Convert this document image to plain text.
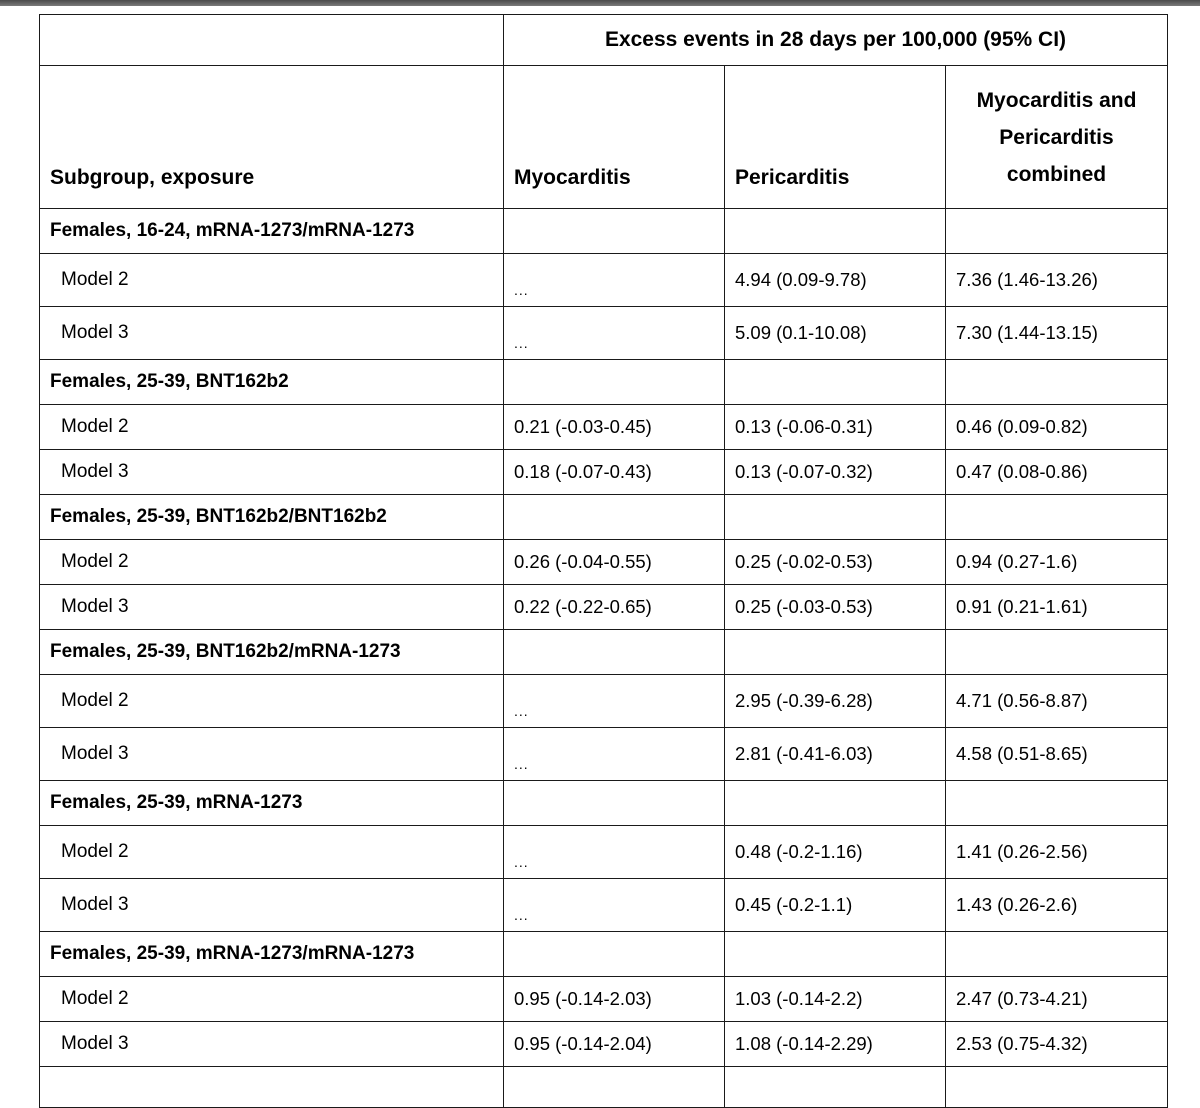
	Excess events in 28 days per 100,000 (95% CI)		
Subgroup, exposure	Myocarditis	Pericarditis	Myocarditis and
Pericarditis
combined

Females, 16-24, mRNA-1273/mRNA-1273			
Model 2	...	4.94 (0.09-9.78)	7.36 (1.46-13.26)
Model 3	...	5.09 (0.1-10.08)	7.30 (1.44-13.15)
Females, 25-39, BNT162b2			
Model 2	0.21 (-0.03-0.45)	0.13 (-0.06-0.31)	0.46 (0.09-0.82)
Model 3	0.18 (-0.07-0.43)	0.13 (-0.07-0.32)	0.47 (0.08-0.86)
Females, 25-39, BNT162b2/BNT162b2			
Model 2	0.26 (-0.04-0.55)	0.25 (-0.02-0.53)	0.94 (0.27-1.6)
Model 3	0.22 (-0.22-0.65)	0.25 (-0.03-0.53)	0.91 (0.21-1.61)
Females, 25-39, BNT162b2/mRNA-1273			
Model 2	...	2.95 (-0.39-6.28)	4.71 (0.56-8.87)
Model 3	...	2.81 (-0.41-6.03)	4.58 (0.51-8.65)
Females, 25-39, mRNA-1273			
Model 2	...	0.48 (-0.2-1.16)	1.41 (0.26-2.56)
Model 3	...	0.45 (-0.2-1.1)	1.43 (0.26-2.6)
Females, 25-39, mRNA-1273/mRNA-1273			
Model 2	0.95 (-0.14-2.03)	1.03 (-0.14-2.2)	2.47 (0.73-4.21)
Model 3	0.95 (-0.14-2.04)	1.08 (-0.14-2.29)	2.53 (0.75-4.32)
